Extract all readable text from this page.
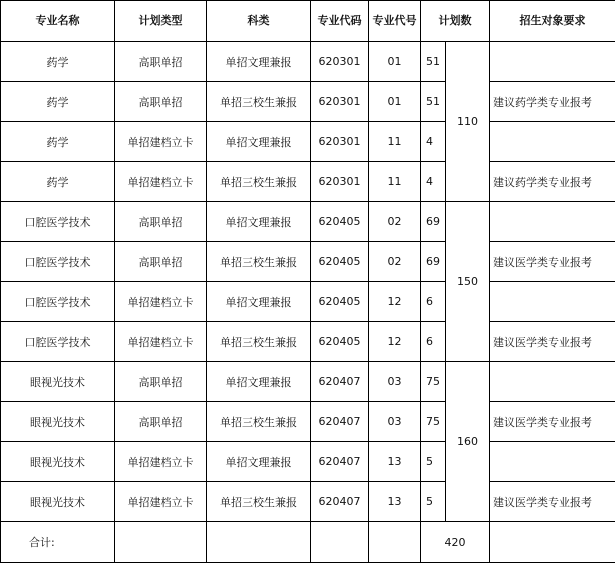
专业名称	计划类型	科类	专业代码	专业代号	计划数		招生对象要求
药学	高职单招	单招文理兼报	620301	01	51	110	
药学	高职单招	单招三校生兼报	620301	01	51		建议药学类专业报考
药学	单招建档立卡	单招文理兼报	620301	11	4		
药学	单招建档立卡	单招三校生兼报	620301	11	4		建议药学类专业报考
口腔医学技术	高职单招	单招文理兼报	620405	02	69	150	
口腔医学技术	高职单招	单招三校生兼报	620405	02	69		建议医学类专业报考
口腔医学技术	单招建档立卡	单招文理兼报	620405	12	6		
口腔医学技术	单招建档立卡	单招三校生兼报	620405	12	6		建议医学类专业报考
眼视光技术	高职单招	单招文理兼报	620407	03	75	160	
眼视光技术	高职单招	单招三校生兼报	620407	03	75		建议医学类专业报考
眼视光技术	单招建档立卡	单招文理兼报	620407	13	5		
眼视光技术	单招建档立卡	单招三校生兼报	620407	13	5		建议医学类专业报考
合计:					420		
